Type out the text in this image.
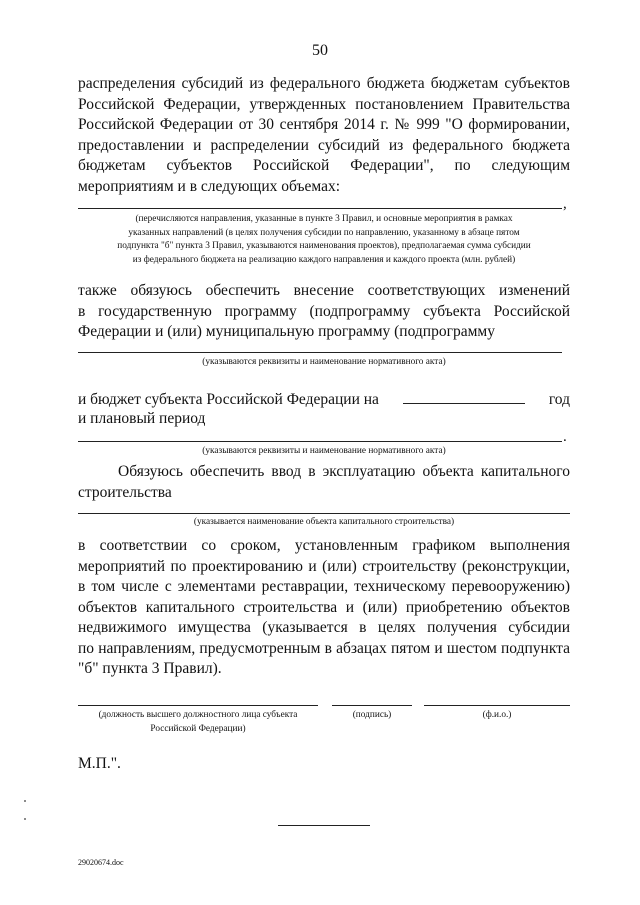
50
распределения субсидий из федерального бюджета бюджетам субъектов
Российской Федерации, утвержденных постановлением Правительства
Российской Федерации от 30 сентября 2014 г. № 999 "О формировании,
предоставлении и распределении субсидий из федерального бюджета
бюджетам субъектов Российской Федерации", по следующим
мероприятиям и в следующих объемах:
,
(перечисляются направления, указанные в пункте 3 Правил, и основные мероприятия в рамках
указанных направлений (в целях получения субсидии по направлению, указанному в абзаце пятом
подпункта "б" пункта 3 Правил, указываются наименования проектов), предполагаемая сумма субсидии
из федерального бюджета на реализацию каждого направления и каждого проекта (млн. рублей)
также обязуюсь обеспечить внесение соответствующих изменений
в государственную программу (подпрограмму субъекта Российской
Федерации и (или) муниципальную программу (подпрограмму
(указываются реквизиты и наименование нормативного акта)
и бюджет субъекта Российской Федерации на	год
и плановый период
.
(указываются реквизиты и наименование нормативного акта)
Обязуюсь обеспечить ввод в эксплуатацию объекта капитального
строительства
(указывается наименование объекта капитального строительства)
в соответствии со сроком, установленным графиком выполнения
мероприятий по проектированию и (или) строительству (реконструкции,
в том числе с элементами реставрации, техническому перевооружению)
объектов капитального строительства и (или) приобретению объектов
недвижимого имущества (указывается в целях получения субсидии
по направлениям, предусмотренным в абзацах пятом и шестом подпункта
"б" пункта 3 Правил).
(должность высшего должностного лица субъекта
Российской Федерации)
(подпись)	(ф.и.о.)
М.П.".
29020674.doc
